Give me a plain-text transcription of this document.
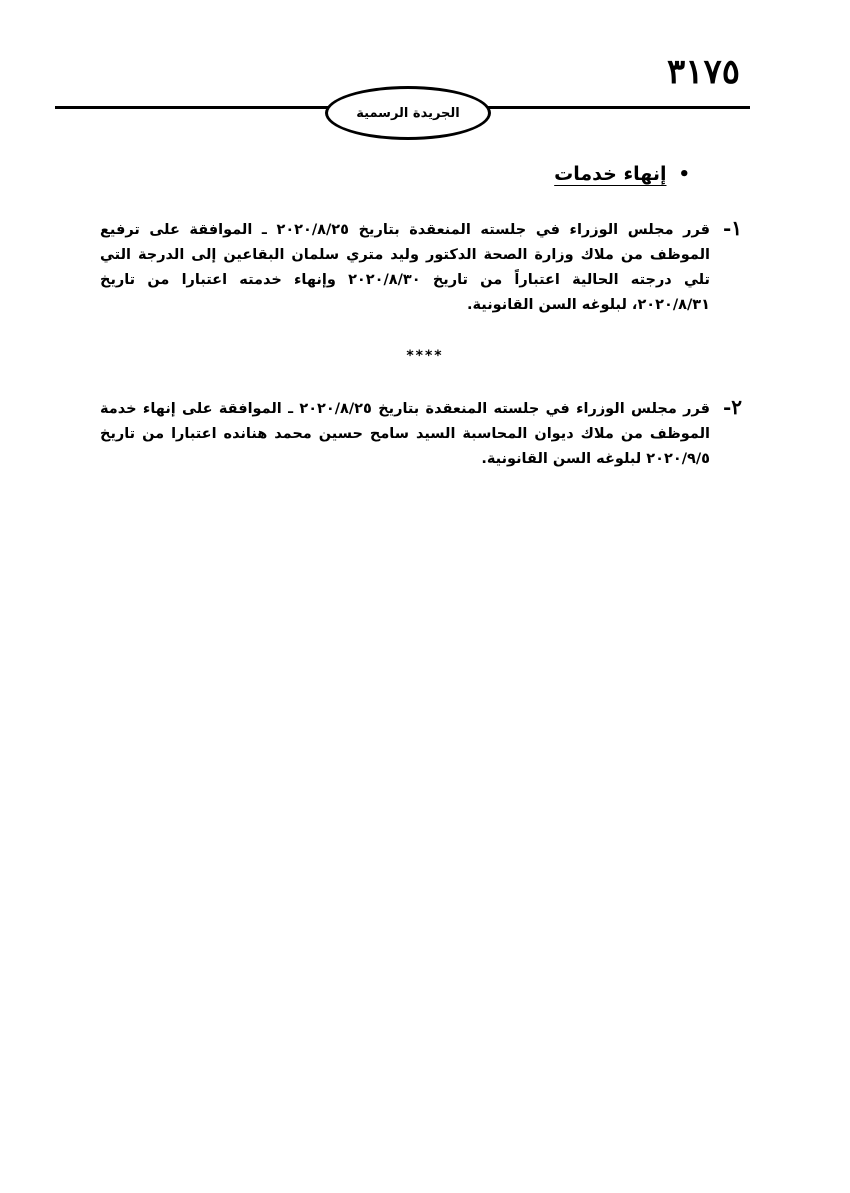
٣١٧٥
الجريدة الرسمية
•
إنهاء خدمات
١-

قرر مجلس الوزراء في جلسته المنعقدة بتاريخ ٢٠٢٠/٨/٢٥ ـ الموافقة على ترفيع الموظف من ملاك وزارة الصحة الدكتور وليد متري سلمان البقاعين إلى الدرجة التي تلي درجته الحالية اعتباراً من تاريخ ٢٠٢٠/٨/٣٠ وإنهاء خدمته اعتبارا من تاريخ ٢٠٢٠/٨/٣١، لبلوغه السن القانونية.

****
٢-

قرر مجلس الوزراء في جلسته المنعقدة بتاريخ ٢٠٢٠/٨/٢٥ ـ الموافقة على إنهاء خدمة الموظف من ملاك ديوان المحاسبة السيد سامح حسين محمد هنانده اعتبارا من تاريخ ٢٠٢٠/٩/٥ لبلوغه السن القانونية.
